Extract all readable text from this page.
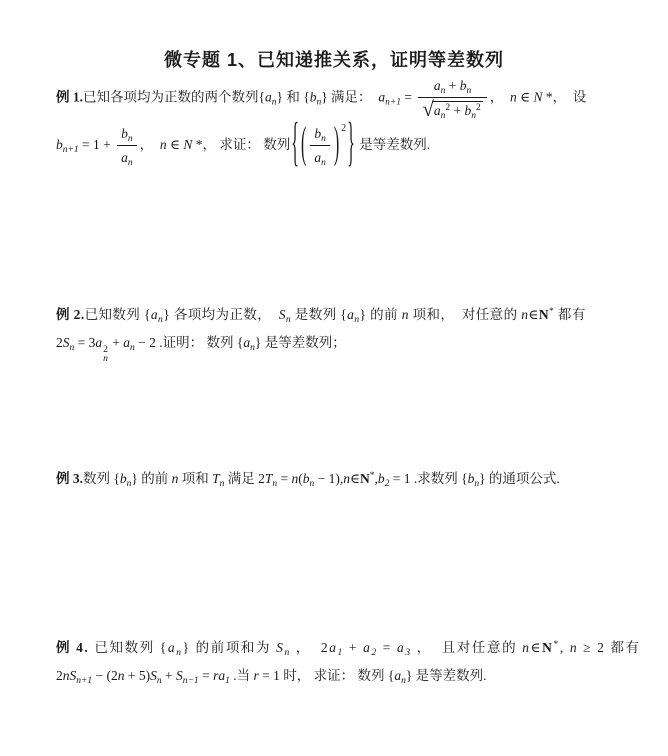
微专题 1、已知递推关系，证明等差数列
例 1.已知各项均为正数的两个数列$\{a_n\}$ 和 $\{b_n\}$ 满足：  $a_{n+1} = \frac{a_n + b_n}{√a_n^2 + b_n^2}$ ，  n ∈ N *，  设
$b_{n+1} = 1 + \frac{b_n}{a_n}$ ，  n ∈ N *， 求证： 数列{ ( $\frac{b_n}{a_n}$ ) 2} 是等差数列.
例 2.已知数列 $\{a_n\}$ 各项均为正数，  $S_n$ 是数列 $\{a_n\}$ 的前 n 项和，  对任意的 n∈N* 都有
$2S_n = 3a$ 2
n
+ $a_n - 2$ .证明： 数列 $\{a_n\}$ 是等差数列；
例 3.数列 $\{b_n\}$ 的前 n 项和 $T_n$ 满足 $2T_n = n(b_n$ − $1),n\in N^*,b_2 = 1$ .求数列 $\{b_n\}$ 的通项公式.
例 4. 已知数列 $\{a_n\}$ 的前项和为 $S_n$ ，  $2a_1 + a_2 = a_3$ ，  且对任意的 n∈N*, n ≥ 2 都有
$2nS_{n+1} - (2n + 5)S_n + S_{n-1} = ra_1$ .当 r = 1 时， 求证： 数列 $\{a_n\}$ 是等差数列.
